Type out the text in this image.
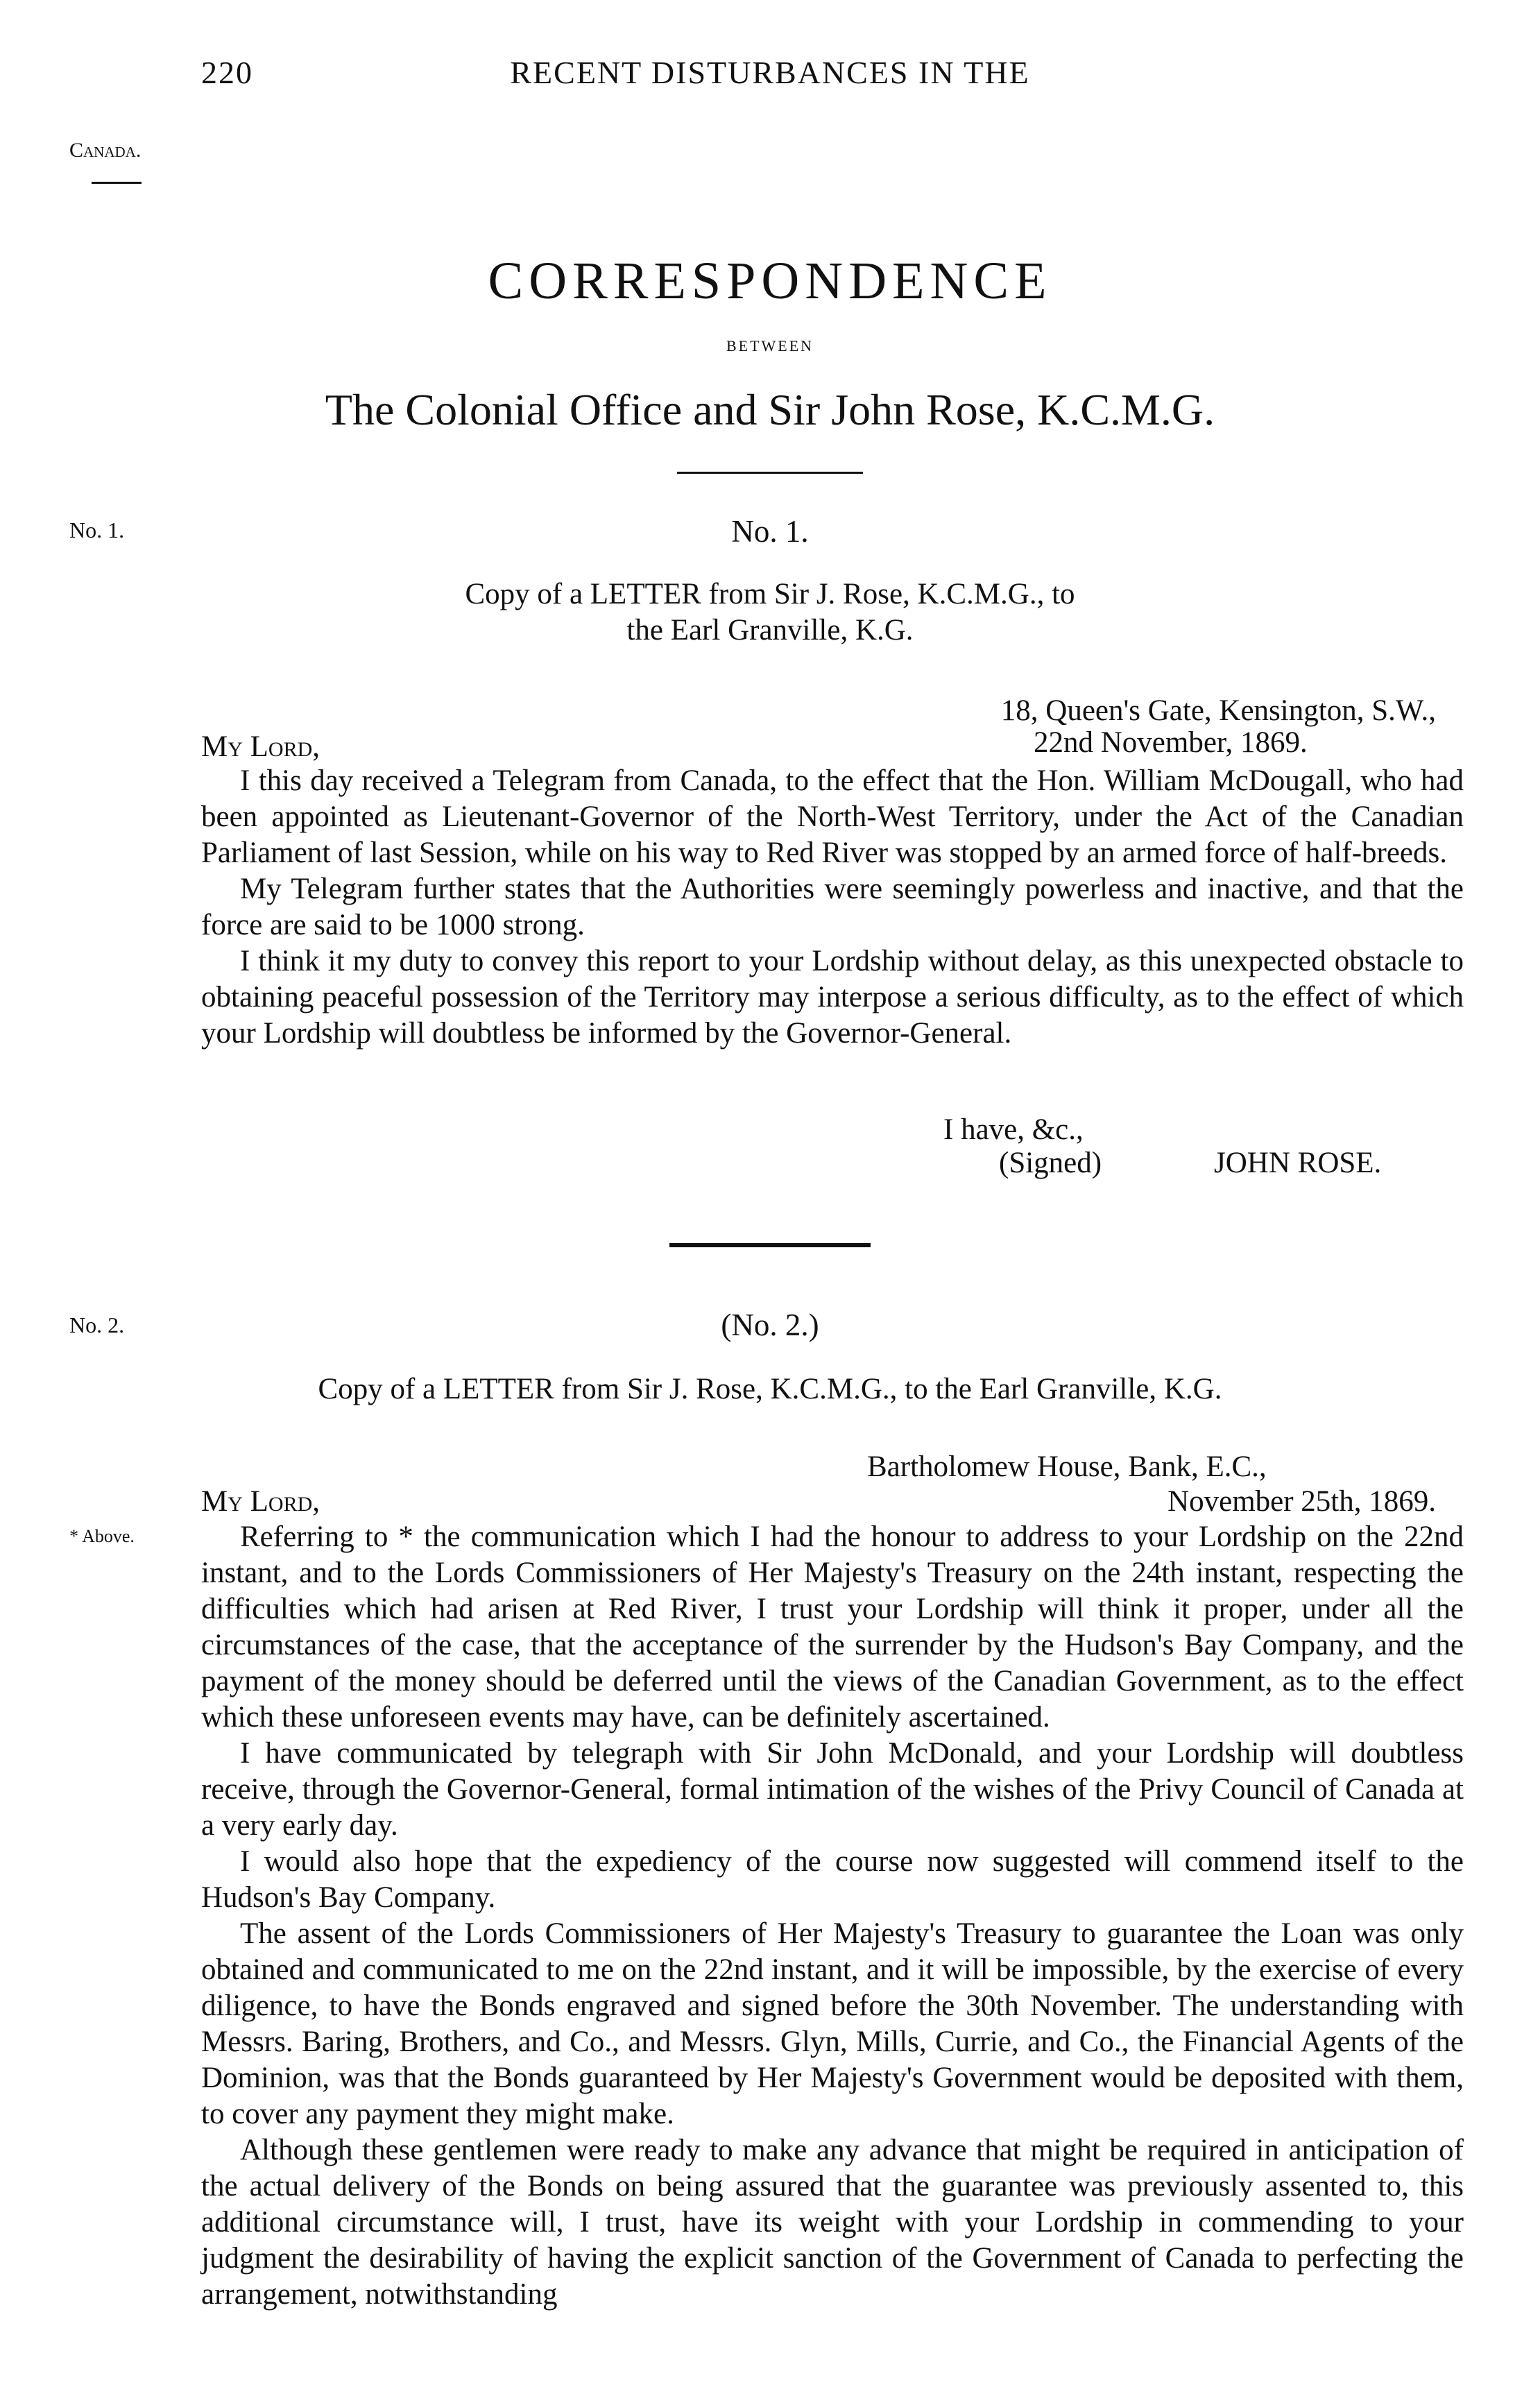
220	RECENT DISTURBANCES IN THE
Canada.
CORRESPONDENCE
BETWEEN
The Colonial Office and Sir John Rose, K.C.M.G.
No. 1.	No. 1.
Copy of a LETTER from Sir J. Rose, K.C.M.G., to
the Earl Granville, K.G.
18, Queen's Gate, Kensington, S.W.,
22nd November, 1869.
My Lord,

I this day received a Telegram from Canada, to the effect that the Hon. William McDougall, who had been appointed as Lieutenant-Governor of the North-West Territory, under the Act of the Canadian Parliament of last Session, while on his way to Red River was stopped by an armed force of half-breeds.

My Telegram further states that the Authorities were seemingly powerless and inactive, and that the force are said to be 1000 strong.

I think it my duty to convey this report to your Lordship without delay, as this unexpected obstacle to obtaining peaceful possession of the Territory may interpose a serious difficulty, as to the effect of which your Lordship will doubtless be informed by the Governor-General.

I have, &c.,
(Signed)	JOHN ROSE.
No. 2.	(No. 2.)
Copy of a LETTER from Sir J. Rose, K.C.M.G., to the Earl Granville, K.G.
Bartholomew House, Bank, E.C.,
November 25th, 1869.
My Lord,
* Above.	Referring to * the communication which I had the honour to address to your Lordship on the 22nd instant, and to the Lords Commissioners of Her Majesty's Treasury on the 24th instant, respecting the difficulties which had arisen at Red River, I trust your Lordship will think it proper, under all the circumstances of the case, that the acceptance of the surrender by the Hudson's Bay Company, and the payment of the money should be deferred until the views of the Canadian Government, as to the effect which these unforeseen events may have, can be definitely ascertained.

I have communicated by telegraph with Sir John McDonald, and your Lordship will doubtless receive, through the Governor-General, formal intimation of the wishes of the Privy Council of Canada at a very early day.

I would also hope that the expediency of the course now suggested will commend itself to the Hudson's Bay Company.

The assent of the Lords Commissioners of Her Majesty's Treasury to guarantee the Loan was only obtained and communicated to me on the 22nd instant, and it will be impossible, by the exercise of every diligence, to have the Bonds engraved and signed before the 30th November. The understanding with Messrs. Baring, Brothers, and Co., and Messrs. Glyn, Mills, Currie, and Co., the Financial Agents of the Dominion, was that the Bonds guaranteed by Her Majesty's Government would be deposited with them, to cover any payment they might make.

Although these gentlemen were ready to make any advance that might be required in anticipation of the actual delivery of the Bonds on being assured that the guarantee was previously assented to, this additional circumstance will, I trust, have its weight with your Lordship in commending to your judgment the desirability of having the explicit sanction of the Government of Canada to perfecting the arrangement, notwithstanding
